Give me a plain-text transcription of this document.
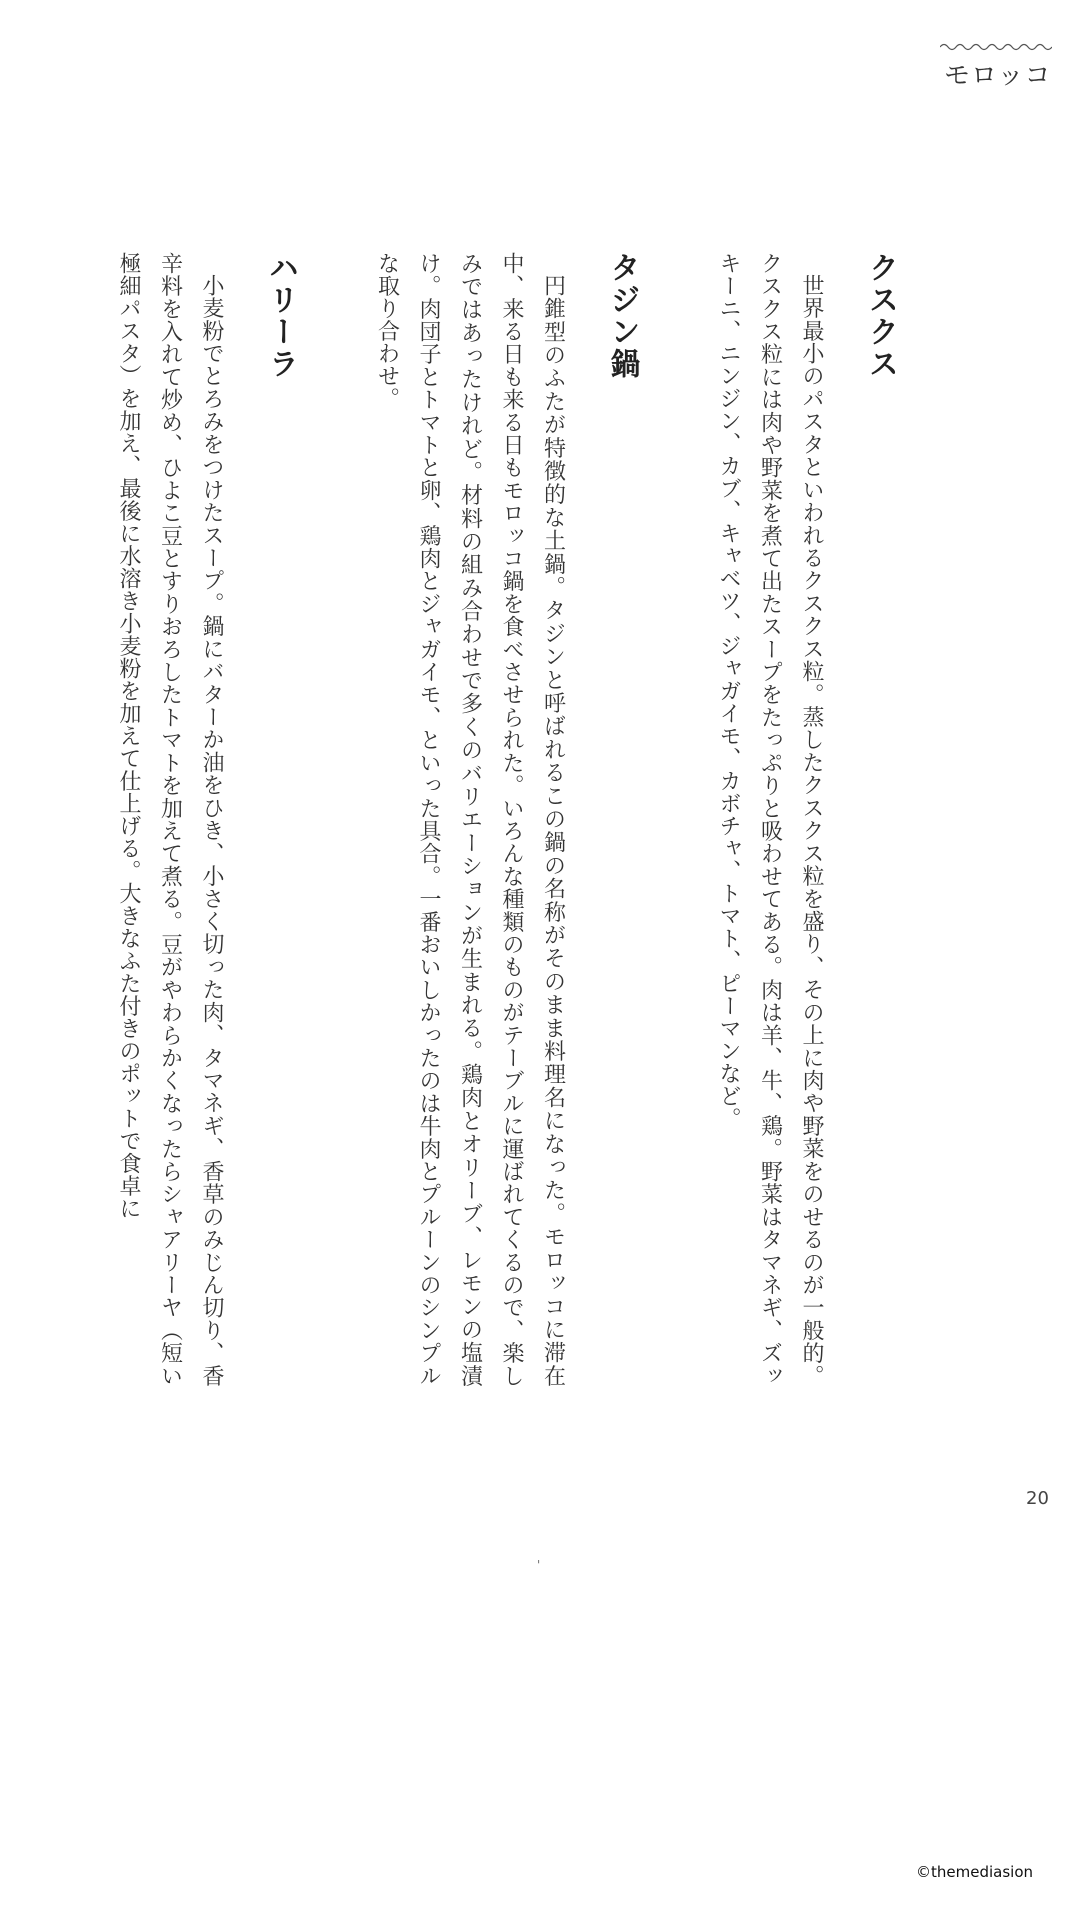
モロッコ
クスクス

世界最小のパスタといわれるクスクス粒。蒸したクスクス粒を盛り、その上に肉や野菜をのせるのが一般的。クスクス粒には肉や野菜を煮て出たスープをたっぷりと吸わせてある。肉は羊、牛、鶏。野菜はタマネギ、ズッキーニ、ニンジン、カブ、キャベツ、ジャガイモ、カボチャ、トマト、ピーマンなど。

タジン鍋

円錐型のふたが特徴的な土鍋。タジンと呼ばれるこの鍋の名称がそのまま料理名になった。モロッコに滞在中、来る日も来る日もモロッコ鍋を食べさせられた。いろんな種類のものがテーブルに運ばれてくるので、楽しみではあったけれど。材料の組み合わせで多くのバリエーションが生まれる。鶏肉とオリーブ、レモンの塩漬け。肉団子とトマトと卵、鶏肉とジャガイモ、といった具合。一番おいしかったのは牛肉とプルーンのシンプルな取り合わせ。

ハリーラ

小麦粉でとろみをつけたスープ。鍋にバターか油をひき、小さく切った肉、タマネギ、香草のみじん切り、香辛料を入れて炒め、ひよこ豆とすりおろしたトマトを加えて煮る。豆がやわらかくなったらシャアリーヤ（短い極細パスタ）を加え、最後に水溶き小麦粉を加えて仕上げる。大きなふた付きのポットで食卓に

20
'
©themediasion
